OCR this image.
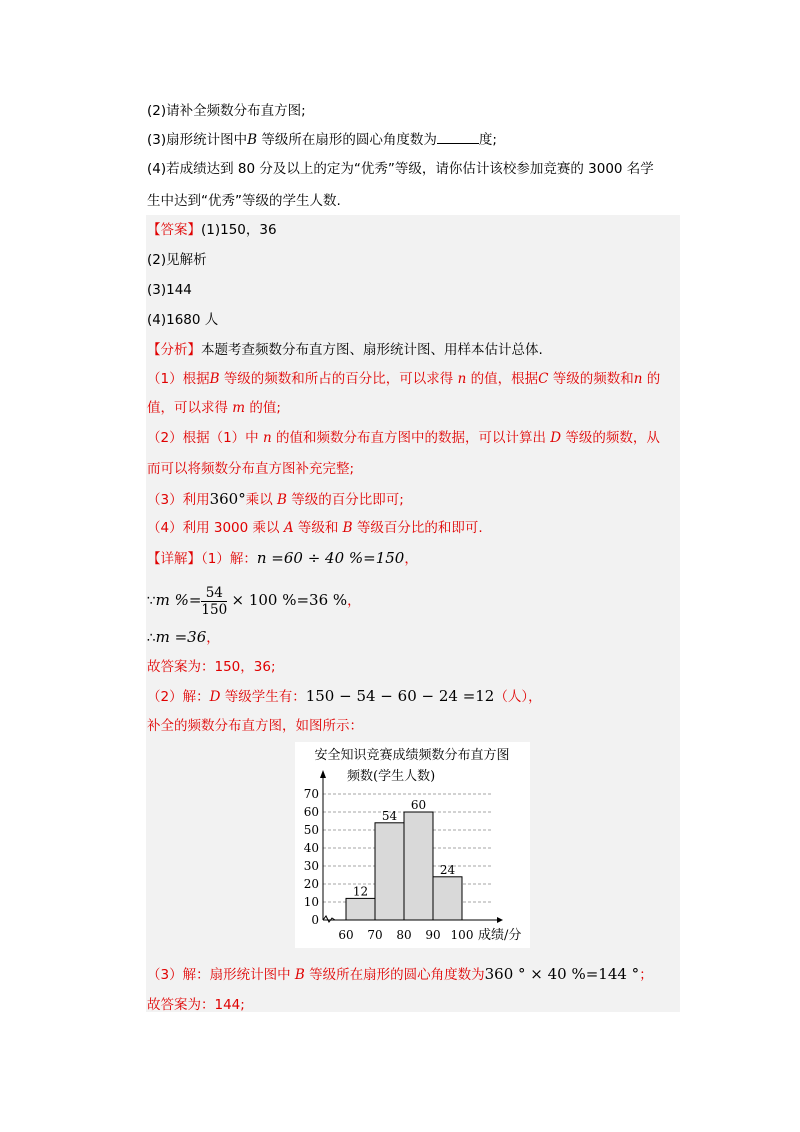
(2)请补全频数分布直方图;
(3)扇形统计图中B 等级所在扇形的圆心角度数为	度;
(4)若成绩达到 80 分及以上的定为“优秀”等级，请你估计该校参加竞赛的 3000 名学
生中达到“优秀”等级的学生人数.
【答案】(1)150，36
(2)见解析
(3)144
(4)1680 人
【分析】本题考查频数分布直方图、扇形统计图、用样本估计总体.
（1）根据B 等级的频数和所占的百分比，可以求得 n 的值，根据C 等级的频数和n 的
值，可以求得 m 的值;
（2）根据（1）中 n 的值和频数分布直方图中的数据，可以计算出 D 等级的频数，从
而可以将频数分布直方图补充完整;
（3）利用360°乘以 B 等级的百分比即可;
（4）利用 3000 乘以 A 等级和 B 等级百分比的和即可.
【详解】（1）解：n =60 ÷ 40 %=150，
∵m %= $\frac{54}{150} \times 100$ %=36 %，
∴m =36，
故答案为：150，36;
（2）解：D 等级学生有：150 − 54 − 60 − 24 =12（人），
补全的频数分布直方图，如图所示：
安全知识竞赛成绩频数分布直方图
频数(学生人数)
成绩/分
0
10
20
30
40
50
60
70
12
54
60
24
60 70 80 90 100
（3）解：扇形统计图中 B 等级所在扇形的圆心角度数为360 ° × 40 %=144 °；
故答案为：144;
